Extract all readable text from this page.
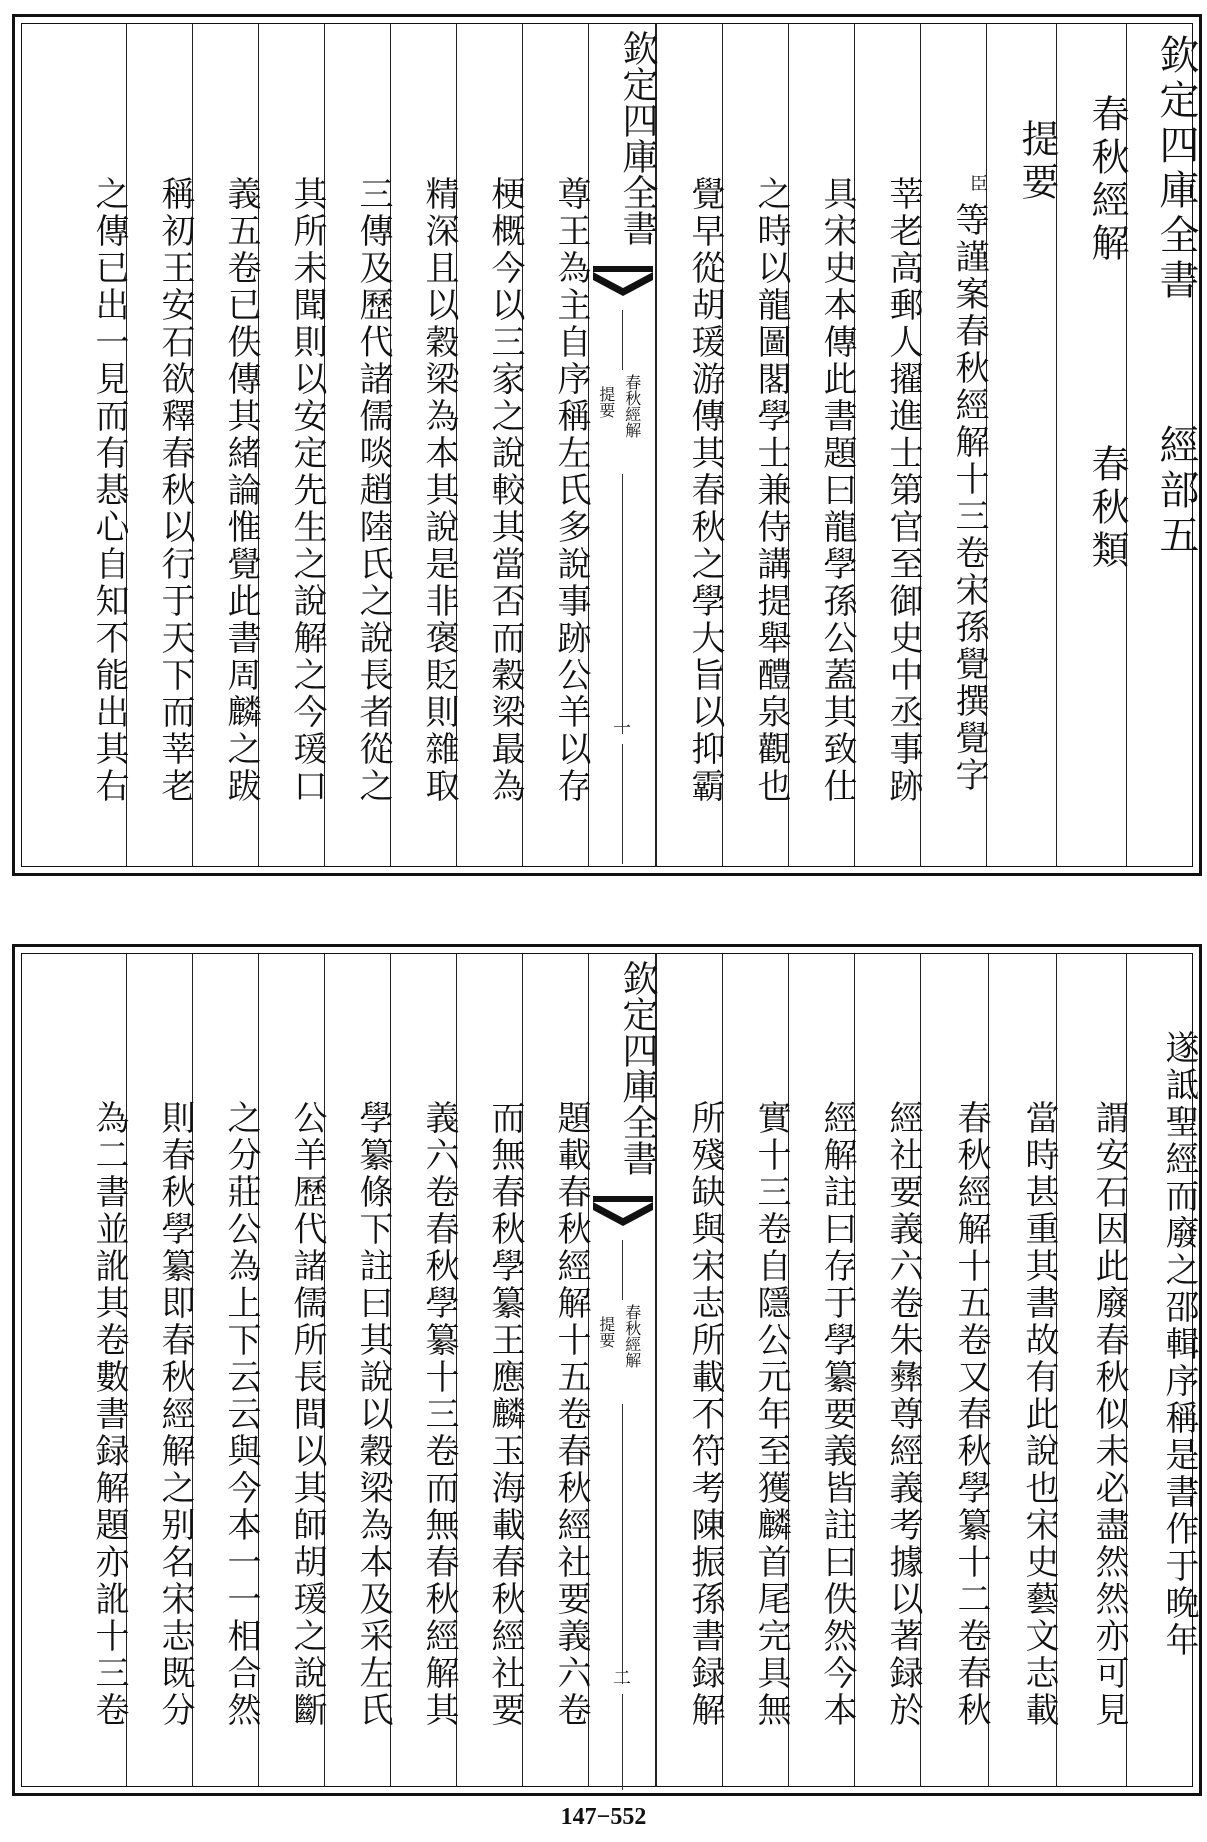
欽定四庫全書
經部五
春秋經解
春秋類
提要
臣
等謹案春秋經解十三卷宋孫覺撰覺字
莘老高郵人擢進士第官至御史中丞事跡
具宋史本傳此書題曰龍學孫公蓋其致仕
之時以龍圖閣學士兼侍講提舉醴泉觀也
覺早從胡瑗游傳其春秋之學大旨以抑霸
欽定四庫全書
春秋經解
提要
一
尊王為主自序稱左氏多說事跡公羊以存
梗概今以三家之說較其當否而穀梁最為
精深且以穀梁為本其說是非褒貶則雜取
三傳及歷代諸儒啖趙陸氏之說長者從之
其所未聞則以安定先生之說解之今瑗口
義五卷已佚傳其緒論惟覺此書周麟之跋
稱初王安石欲釋春秋以行于天下而莘老
之傳已出一見而有惎心自知不能出其右
遂詆聖經而廢之邵輯序稱是書作于晚年
謂安石因此廢春秋似未必盡然然亦可見
當時甚重其書故有此說也宋史藝文志載
春秋經解十五卷又春秋學纂十二卷春秋
經社要義六卷朱彝尊經義考據以著録於
經解註曰存于學纂要義皆註曰佚然今本
實十三卷自隱公元年至獲麟首尾完具無
所殘缺與宋志所載不符考陳振孫書録解
欽定四庫全書
春秋經解
提要
二
題載春秋經解十五卷春秋經社要義六卷
而無春秋學纂王應麟玉海載春秋經社要
義六卷春秋學纂十三卷而無春秋經解其
學纂條下註曰其說以穀梁為本及采左氏
公羊歷代諸儒所長間以其師胡瑗之說斷
之分莊公為上下云云與今本一一相合然
則春秋學纂即春秋經解之别名宋志既分
為二書並訛其卷數書録解題亦訛十三卷
147−552
